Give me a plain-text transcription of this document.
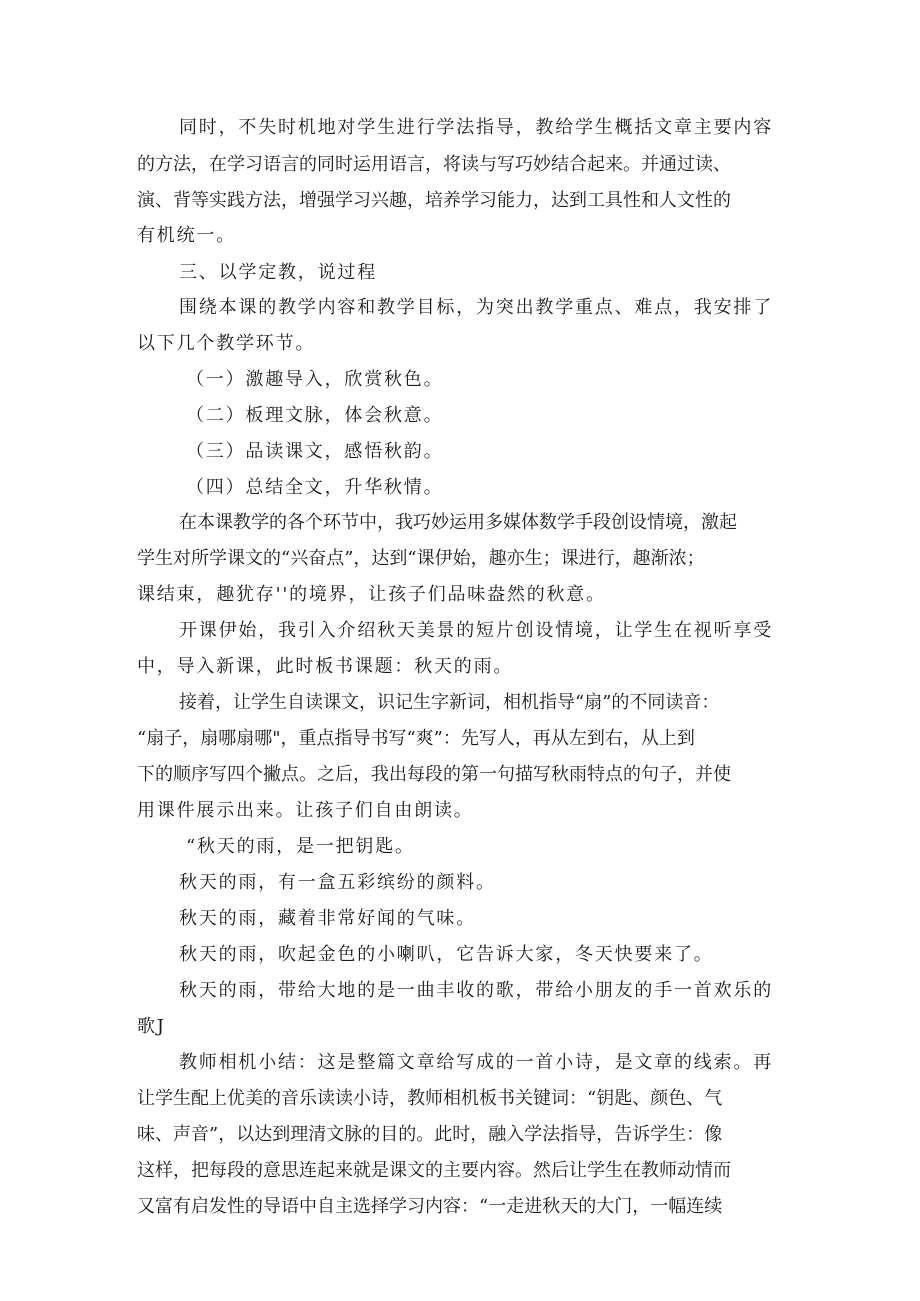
同时，不失时机地对学生进行学法指导，教给学生概括文章主要内容
的方法，在学习语言的同时运用语言，将读与写巧妙结合起来。并通过读、
演、背等实践方法，增强学习兴趣，培养学习能力，达到工具性和人文性的
有机统一。
三、以学定教，说过程
围绕本课的教学内容和教学目标，为突出教学重点、难点，我安排了
以下几个教学环节。
（一）激趣导入，欣赏秋色。
（二）板理文脉，体会秋意。
（三）品读课文，感悟秋韵。
（四）总结全文，升华秋情。
在本课教学的各个环节中，我巧妙运用多媒体数学手段创设情境，激起
学生对所学课文的“兴奋点”，达到“课伊始，趣亦生；课进行，趣渐浓；
课结束，趣犹存''的境界，让孩子们品味盎然的秋意。
开课伊始，我引入介绍秋天美景的短片创设情境，让学生在视听享受
中，导入新课，此时板书课题：秋天的雨。
接着，让学生自读课文，识记生字新词，相机指导“扇”的不同读音：
“扇子，扇哪扇哪"，重点指导书写“爽”：先写人，再从左到右，从上到
下的顺序写四个撇点。之后，我出每段的第一句描写秋雨特点的句子，并使
用课件展示出来。让孩子们自由朗读。
“秋天的雨，是一把钥匙。
秋天的雨，有一盒五彩缤纷的颜料。
秋天的雨，藏着非常好闻的气味。
秋天的雨，吹起金色的小喇叭，它告诉大家，冬天快要来了。
秋天的雨，带给大地的是一曲丰收的歌，带给小朋友的手一首欢乐的
歌J
教师相机小结：这是整篇文章给写成的一首小诗，是文章的线索。再
让学生配上优美的音乐读读小诗，教师相机板书关键词：“钥匙、颜色、气
味、声音”，以达到理清文脉的目的。此时，融入学法指导，告诉学生：像
这样，把每段的意思连起来就是课文的主要内容。然后让学生在教师动情而
又富有启发性的导语中自主选择学习内容：“一走进秋天的大门，一幅连续
